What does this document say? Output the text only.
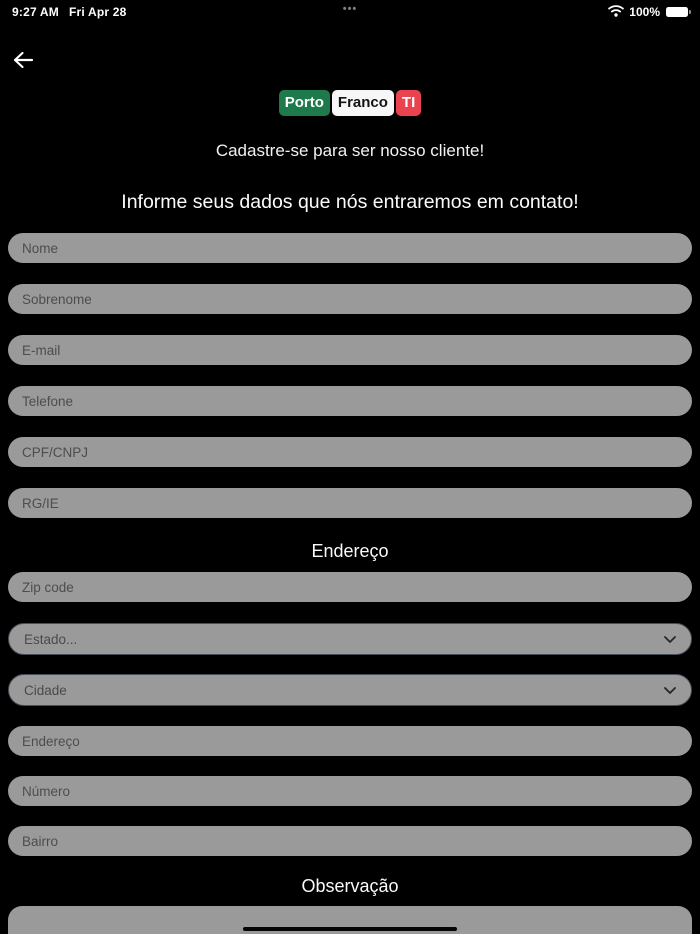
9:27 AM Fri Apr 28	•••	100%
Porto Franco TI
Cadastre-se para ser nosso cliente!
Informe seus dados que nós entraremos em contato!
Nome
Sobrenome
E-mail
Telefone
CPF/CNPJ
RG/IE
Endereço
Zip code
Estado...
Cidade
Endereço
Número
Bairro
Observação
